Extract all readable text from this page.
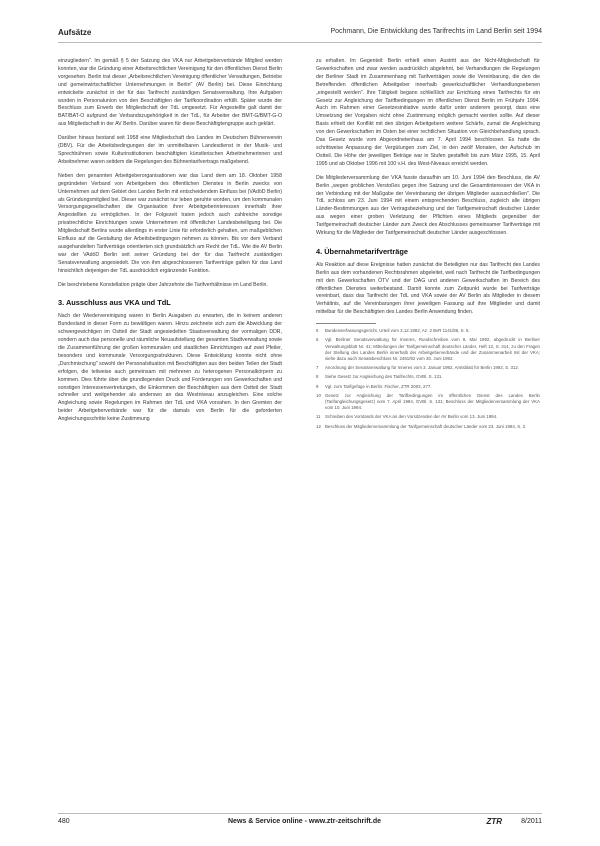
Aufsätze	Pochmann, Die Entwicklung des Tarifrechts im Land Berlin seit 1994

einzugliedern". Im gemäß § 5 der Satzung des VKA nur Arbeitgeberverbände Mitglied werden konnten, war die Gründung einer Arbeitsrechtlichen Vereinigung für den öffentlichen Dienst Berlin vorgesehen. Berlin trat dieser „Arbeitsrechtlichen Vereinigung öffentlicher Verwaltungen, Betriebe und gemeinwirtschaftlicher Unternehmungen in Berlin" (AV Berlin) bei. Diese Einrichtung entwickelte zunächst in der für das Tarifrecht zuständigen Senatsverwaltung. Ihre Aufgaben wurden in Personalunion von den Beschäftigten der Tarifkoordination erfüllt. Später wurde der Beschluss zum Erwerb der Mitgliedschaft der TdL umgesetzt. Für Angestellte galt damit der BAT/BAT-O aufgrund der Verbandszugehörigkeit in der TdL, für Arbeiter der BMT-G/BMT-G-O aus Mitgliedschaft in der AV Berlin. Darüber waren für diese Beschäftigtengruppe auch geklärt.

Darüber hinaus bestand seit 1958 eine Mitgliedschaft des Landes im Deutschen Bühnenverein (DBV). Für die Arbeitsbedingungen der im unmittelbaren Landesdienst in der Musik- und Sprechbühnen sowie Kulturinstitutionen beschäftigten künstlerischen Arbeitnehmerinnen und Arbeitnehmer waren seitdem die Regelungen des Bühnentarifvertrags maßgebend.

Neben den genannten Arbeitgeberorganisationen war das Land dem am 18. Oktober 1958 gegründeten Verband von Arbeitgebern des öffentlichen Dienstes in Berlin zwecks von Unternehmen auf dem Gebiet des Landes Berlin mit entscheidendem Einfluss bei (VAdöD Berlin) als Gründungsmitglied bei. Dieser war zunächst nur leben geruhte worden, um den kommunalen Versorgungsgesellschaften die Organisation ihrer Arbeitgeberinteressen innerhalb ihrer Angestellten zu ermöglichen. In der Folgezeit traten jedoch auch zahlreiche sonstige privatrechtliche Einrichtungen sowie Unternehmen mit öffentlicher Landesbeteiligung bei. Die Mitgliedschaft Berlins wurde allerdings in erster Linie für erforderlich gehalten, um maßgeblichen Einfluss auf die Gestaltung der Arbeitsbedingungen nehmen zu können. Bis vor dem Verband ausgehandelten Tarifverträge orientierten sich grundsätzlich am Recht der TdL. Wie die AV Berlin war der VAdöD Berlin seit seiner Gründung bei der für das Tarifrecht zuständigen Senatsverwaltung angesiedelt. Die von ihm abgeschlossenen Tarifverträge galten für das Land hinsichtlich derjenigen der TdL ausdrücklich ergänzende Funktion.

Die beschriebene Konstellation prägte über Jahrzehnte die Tarifverhältnisse im Land Berlin.

3. Ausschluss aus VKA und TdL

Nach der Wiedervereinigung waren in Berlin Ausgaben zu erwarten, die in keinem anderen Bundesland in dieser Form zu bewältigen waren. Hinzu zeichnete sich zum die Abwicklung der schwergewichtigen im Ostteil der Stadt angesiedelten Staatsverwaltung der vormaligen DDR, sondern auch das personelle und räumliche Neuaufstellung der gesamten Stadtverwaltung sowie die Zusammenführung der großen kommunalen und staatlichen Einrichtungen auf zwei Pfeiler, besonders und kommunale Versorgungsstrukturen. Diese Entwicklung konnte nicht ohne „Durchmischung" sowohl der Personalsituation mit Beschäftigten aus den beiden Teilen der Stadt erfolgen, die teilweise auch gemeinsam mit mehreren zu heterogenen Personalkörpern zu kommen. Dies führte über die grundlegenden Druck und Forderungen von Gewerkschaften und sonstigen Interessenvertretungen, die Einkommen der Beschäftigten aus dem Ostteil der Stadt schneller und weitgehender als anderswo an das Westniveau anzugleichen. Eine solche Angleichung sowie Regelungen im Rahmen der TdL und VKA vorsahen. In den Gremien der beider Arbeitgeberverbände war für die damals von Berlin für die geforderten Angleichungsschritte keine Zustimmung

zu erhalten. Im Gegenteil: Berlin erhielt einen Austritt aus der Nicht-Mitgliedschaft für Gewerkschaften und zwar werden ausdrücklich abgelehnt, bei Verhandlungen die Regelungen der Berliner Stadt im Zusammenhang mit Tarifverträgen sowie die Vereinbarung, die den die Betreffenden öffentlichen Arbeitgeber innerhalb gewerkschaftlicher Verhandlungsebenen „eingestellt werden". Ihre Tätigkeit begann schließlich zur Errichtung eines Tarifrechts für ein Gesetz zur Angleichung der Tarifbedingungen im öffentlichen Dienst Berlin im Frühjahr 1994. Auch im Rahmen einer Gesetzesinitiative wurde dafür unter anderem gesorgt, dass eine Umsetzung der Vorgaben nicht ohne Zustimmung möglich gemacht werden sollte. Auf dieser Basis erhielt der Konflikt mit den übrigen Arbeitgebern weitere Schärfe, zumal die Angleichung von den Gewerkschaften im Osten bei einer rechtlichen Situation von Gleichbehandlung sprach. Das Gesetz wurde vom Abgeordnetenhaus am 7. April 1994 beschlossen. Es hatte die schrittweise Anpassung der Vergütungen zum Ziel, in den zwölf Monaten, der Aufschub im Ostteil. Die Höhe der jeweiligen Beträge war in Stufen gestaffelt bis zum März 1995, 15. April 1995 und ab Oktober 1996 mit 100 v.H. des West-Niveaus erreicht werden.

Die Mitgliederversammlung der VKA fasste daraufhin am 10. Juni 1994 den Beschluss, die AV Berlin „wegen groblichen Verstoßes gegen ihre Satzung und die Gesamtinteressen der VKA in der Verbindung mit der Maßgabe der Vereinbarung der übrigen Mitglieder auszuschließen". Die TdL schloss am 23. Juni 1994 mit einem entsprechenden Beschluss, zugleich alle übrigen Länder-Bestimmungen aus der Vertragsbeziehung und der Tarifgemeinschaft deutscher Länder aus wegen einer groben Verletzung der Pflichten eines Mitglieds gegenüber der Tarifgemeinschaft deutscher Länder zum Zweck des Abschlusses gemeinsamer Tarifverträge mit Wirkung für die Mitglieder der Tarifgemeinschaft deutscher Länder ausgeschlossen.

4. Übernahmetarifverträge

Als Reaktion auf diese Ereignisse hatten zunächst die Beteiligten nur das Tarifrecht des Landes Berlin aus dem vorhandenen Rechtsrahmen abgeleitet, weil nach Tarifrecht die Tarifbedingungen mit den Gewerkschaften ÖTV und der DAG und anderen Gewerkschaften im Bereich des öffentlichen Dienstes weiterbestand. Damit konnte zum Zeitpunkt wurde bei Tarifverträge vereinbart, dass das Tarifrecht der TdL und VKA sowie der AV Berlin als Mitglieder in diesem Verhältnis, auf die Vereinbarungen ihrer jeweiligen Fassung auf ihre Mitglieder und damit mittelbar für die Beschäftigten des Landes Berlin Anwendung finden.

5 Bundesverfassungsgericht, Urteil vom 3.12.1992, Az. 2 BvR 1141/86, S. 5.
6 Vgl. Berliner Senatsverwaltung für Inneres, Rundschreiben vom 8. Mai 1992, abgedruckt in Berliner Verwaltungsblatt Nr. 41; Mitteilungen der Tarifgemeinschaft deutscher Länder, Heft 12, S. 314, zu den Fragen der Stellung des Landes Berlin innerhalb der Arbeitgeberverbände und der Zusammenarbeit mit der VKA; siehe dazu auch Senatsbeschluss Nr. 2481/92 vom 30. Juni 1992.
7 Anordnung der Senatsverwaltung für Inneres vom 3. Januar 1992, Amtsblatt für Berlin 1992, S. 312.
8 Siehe Gesetz zur Angleichung des Tarifrechts, GVBl. S. 131.
9 Vgl. zum Tarifgefüge in Berlin: Fischer, ZTR 2003, 277.
10 Gesetz zur Angleichung der Tarifbedingungen im öffentlichen Dienst des Landes Berlin (Tarifangleichungsgesetz) vom 7. April 1994, GVBl. S. 131; Beschluss der Mitgliederversammlung der VKA vom 10. Juni 1994.
11 Schreiben des Vorstands der VKA an den Vorsitzenden der AV Berlin vom 13. Juni 1994.
12 Beschluss der Mitgliederversammlung der Tarifgemeinschaft deutscher Länder vom 23. Juni 1994, S. 2.
480	News & Service online - www.ztr-zeitschrift.de	ZTR	8/2011
